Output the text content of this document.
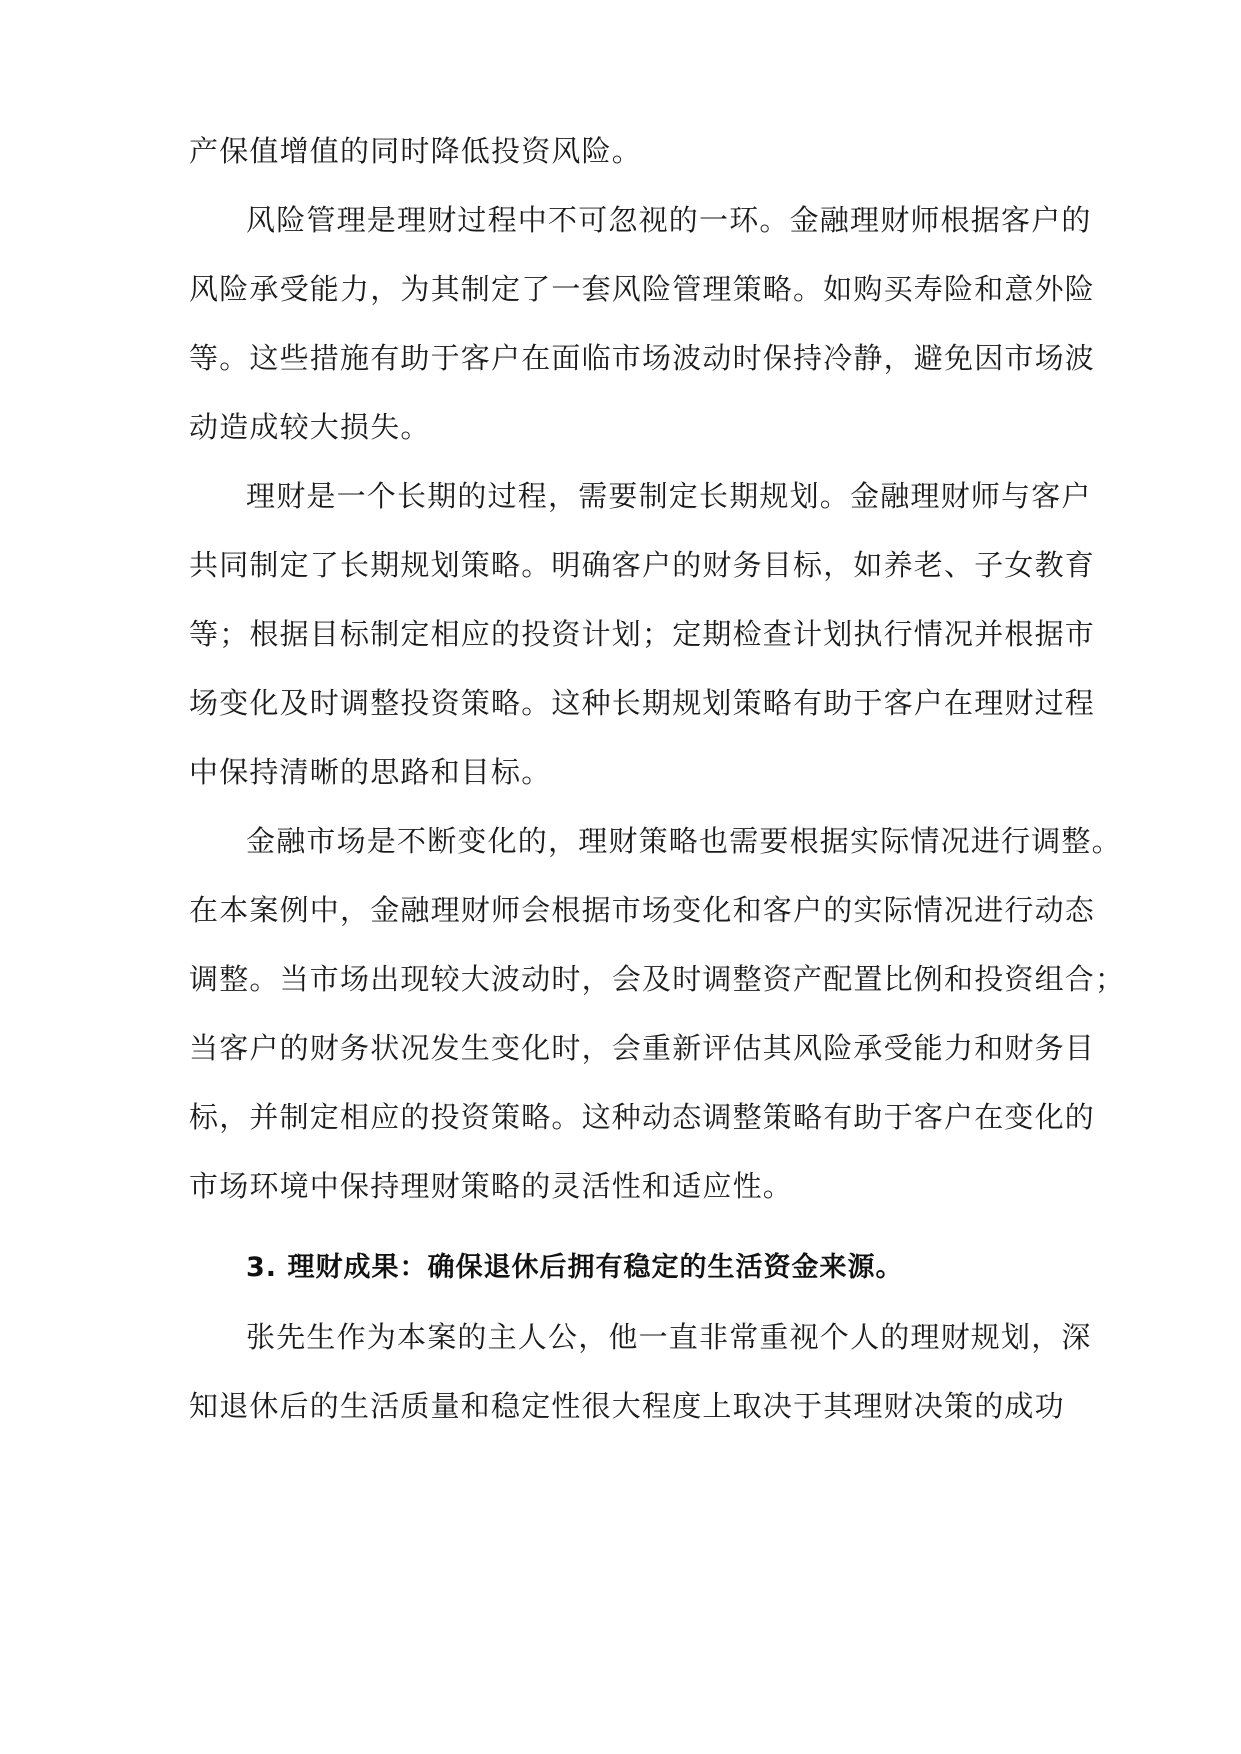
产保值增值的同时降低投资风险。
风险管理是理财过程中不可忽视的一环。金融理财师根据客户的
风险承受能力，为其制定了一套风险管理策略。如购买寿险和意外险
等。这些措施有助于客户在面临市场波动时保持冷静，避免因市场波
动造成较大损失。
理财是一个长期的过程，需要制定长期规划。金融理财师与客户
共同制定了长期规划策略。明确客户的财务目标，如养老、子女教育
等；根据目标制定相应的投资计划；定期检查计划执行情况并根据市
场变化及时调整投资策略。这种长期规划策略有助于客户在理财过程
中保持清晰的思路和目标。
金融市场是不断变化的，理财策略也需要根据实际情况进行调整。
在本案例中，金融理财师会根据市场变化和客户的实际情况进行动态
调整。当市场出现较大波动时，会及时调整资产配置比例和投资组合；
当客户的财务状况发生变化时，会重新评估其风险承受能力和财务目
标，并制定相应的投资策略。这种动态调整策略有助于客户在变化的
市场环境中保持理财策略的灵活性和适应性。
3. 理财成果：确保退休后拥有稳定的生活资金来源。
张先生作为本案的主人公，他一直非常重视个人的理财规划，深
知退休后的生活质量和稳定性很大程度上取决于其理财决策的成功
